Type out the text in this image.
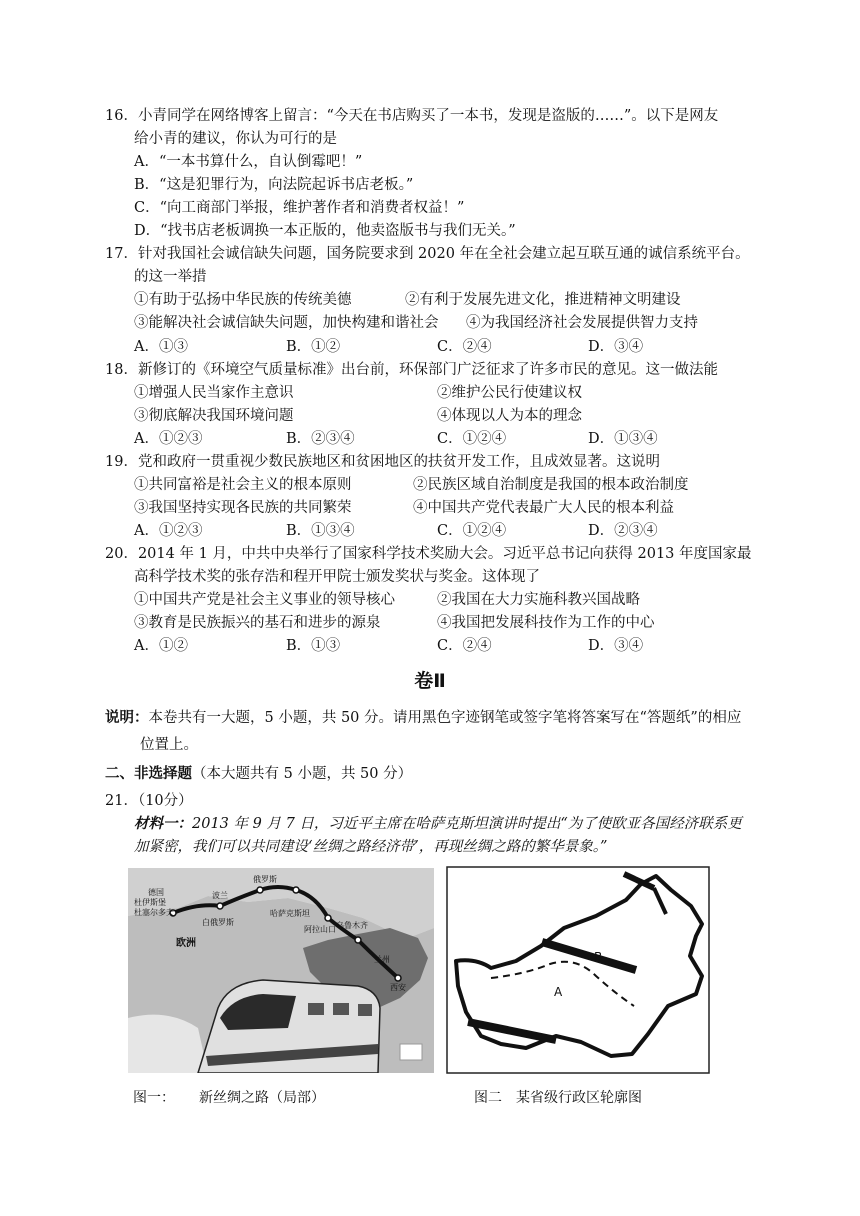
16．小青同学在网络博客上留言：“今天在书店购买了一本书，发现是盗版的……”。以下是网友
给小青的建议，你认为可行的是
A．“一本书算什么，自认倒霉吧！”
B．“这是犯罪行为，向法院起诉书店老板。”
C．“向工商部门举报，维护著作者和消费者权益！”
D．“找书店老板调换一本正版的，他卖盗版书与我们无关。”
17．针对我国社会诚信缺失问题，国务院要求到 2020 年在全社会建立起互联互通的诚信系统平台。
的这一举措
①有助于弘扬中华民族的传统美德	②有利于发展先进文化，推进精神文明建设
③能解决社会诚信缺失问题，加快构建和谐社会 ④为我国经济社会发展提供智力支持
A．①③	B．①②	C．②④	D．③④
18．新修订的《环境空气质量标准》出台前，环保部门广泛征求了许多市民的意见。这一做法能
①增强人民当家作主意识	②维护公民行使建议权
③彻底解决我国环境问题	④体现以人为本的理念
A．①②③	B．②③④	C．①②④	D．①③④
19．党和政府一贯重视少数民族地区和贫困地区的扶贫开发工作，且成效显著。这说明
①共同富裕是社会主义的根本原则	②民族区域自治制度是我国的根本政治制度
③我国坚持实现各民族的共同繁荣	④中国共产党代表最广大人民的根本利益
A．①②③	B．①③④	C．①②④	D．②③④
20．2014 年 1 月，中共中央举行了国家科学技术奖励大会。习近平总书记向获得 2013 年度国家最
高科学技术奖的张存浩和程开甲院士颁发奖状与奖金。这体现了
①中国共产党是社会主义事业的领导核心	②我国在大力实施科教兴国战略
③教育是民族振兴的基石和进步的源泉	④我国把发展科技作为工作的中心
A．①②	B．①③	C．②④	D．③④
卷Ⅱ
说明：本卷共有一大题，5 小题，共 50 分。请用黑色字迹钢笔或签字笔将答案写在“答题纸”的相应
位置上。
二、非选择题（本大题共有 5 小题，共 50 分）
21．（10分）
材料一：2013 年 9 月 7 日，习近平主席在哈萨克斯坦演讲时提出“为了使欧亚各国经济联系更
加紧密，我们可以共同建设‘丝绸之路经济带’，再现丝绸之路的繁华景象。”
德国
杜伊斯堡
杜塞尔多夫
波兰
白俄罗斯
俄罗斯
哈萨克斯坦
阿拉山口 乌鲁木齐
兰州
西安
欧洲
图一： 新丝绸之路（局部）
B
A
图二 某省级行政区轮廓图
